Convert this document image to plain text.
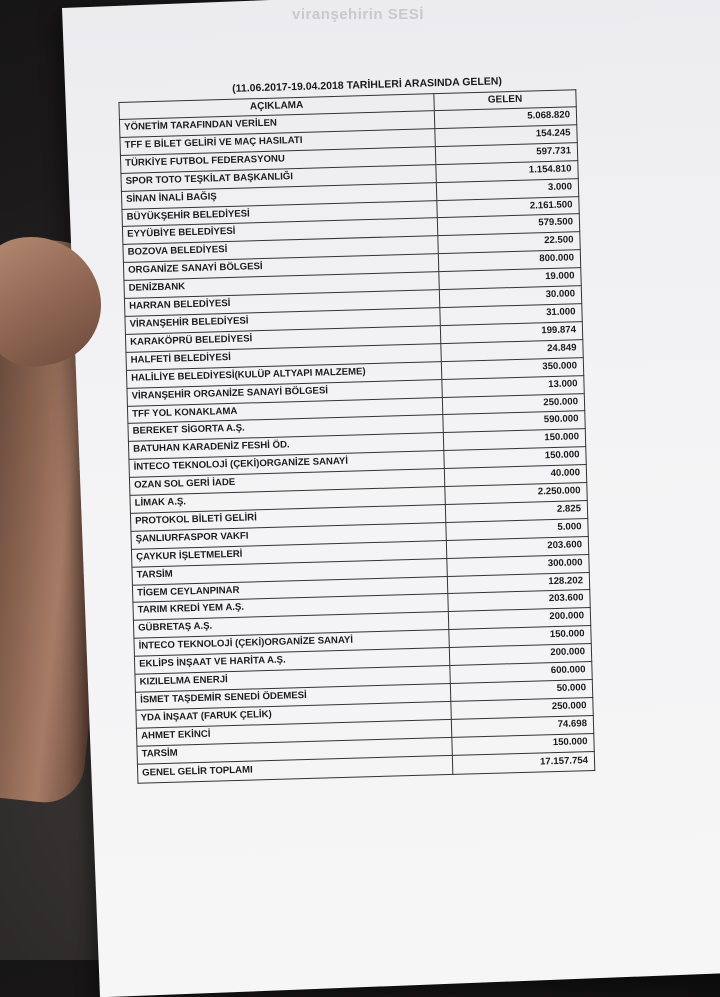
viranşehirin SESİ
(11.06.2017-19.04.2018 TARİHLERİ ARASINDA GELEN)
AÇIKLAMA	GELEN
YÖNETİM TARAFINDAN VERİLEN	5.068.820
TFF E BİLET GELİRİ VE MAÇ HASILATI	154.245
TÜRKİYE FUTBOL FEDERASYONU	597.731
SPOR TOTO TEŞKİLAT BAŞKANLIĞI	1.154.810
SİNAN İNALİ BAĞIŞ	3.000
BÜYÜKŞEHİR BELEDİYESİ	2.161.500
EYYÜBİYE BELEDİYESİ	579.500
BOZOVA BELEDİYESİ	22.500
ORGANİZE SANAYİ BÖLGESİ	800.000
DENİZBANK	19.000
HARRAN BELEDİYESİ	30.000
VİRANŞEHİR BELEDİYESİ	31.000
KARAKÖPRÜ BELEDİYESİ	199.874
HALFETİ BELEDİYESİ	24.849
HALİLİYE BELEDİYESİ(KULÜP ALTYAPI MALZEME)	350.000
VİRANŞEHİR ORGANİZE SANAYİ BÖLGESİ	13.000
TFF YOL KONAKLAMA	250.000
BEREKET SİGORTA A.Ş.	590.000
BATUHAN KARADENİZ FESHİ ÖD.	150.000
İNTECO TEKNOLOJİ (ÇEKİ)ORGANİZE SANAYİ	150.000
OZAN SOL GERİ İADE	40.000
LİMAK A.Ş.	2.250.000
PROTOKOL BİLETİ GELİRİ	2.825
ŞANLIURFASPOR VAKFI	5.000
ÇAYKUR İŞLETMELERİ	203.600
TARSİM	300.000
TİGEM CEYLANPINAR	128.202
TARIM KREDİ YEM A.Ş.	203.600
GÜBRETAŞ A.Ş.	200.000
İNTECO TEKNOLOJİ (ÇEKİ)ORGANİZE SANAYİ	150.000
EKLİPS İNŞAAT VE HARİTA A.Ş.	200.000
KIZILELMA ENERJİ	600.000
İSMET TAŞDEMİR SENEDİ ÖDEMESİ	50.000
YDA İNŞAAT (FARUK ÇELİK)	250.000
AHMET EKİNCİ	74.698
TARSİM	150.000
GENEL GELİR TOPLAMI	17.157.754
